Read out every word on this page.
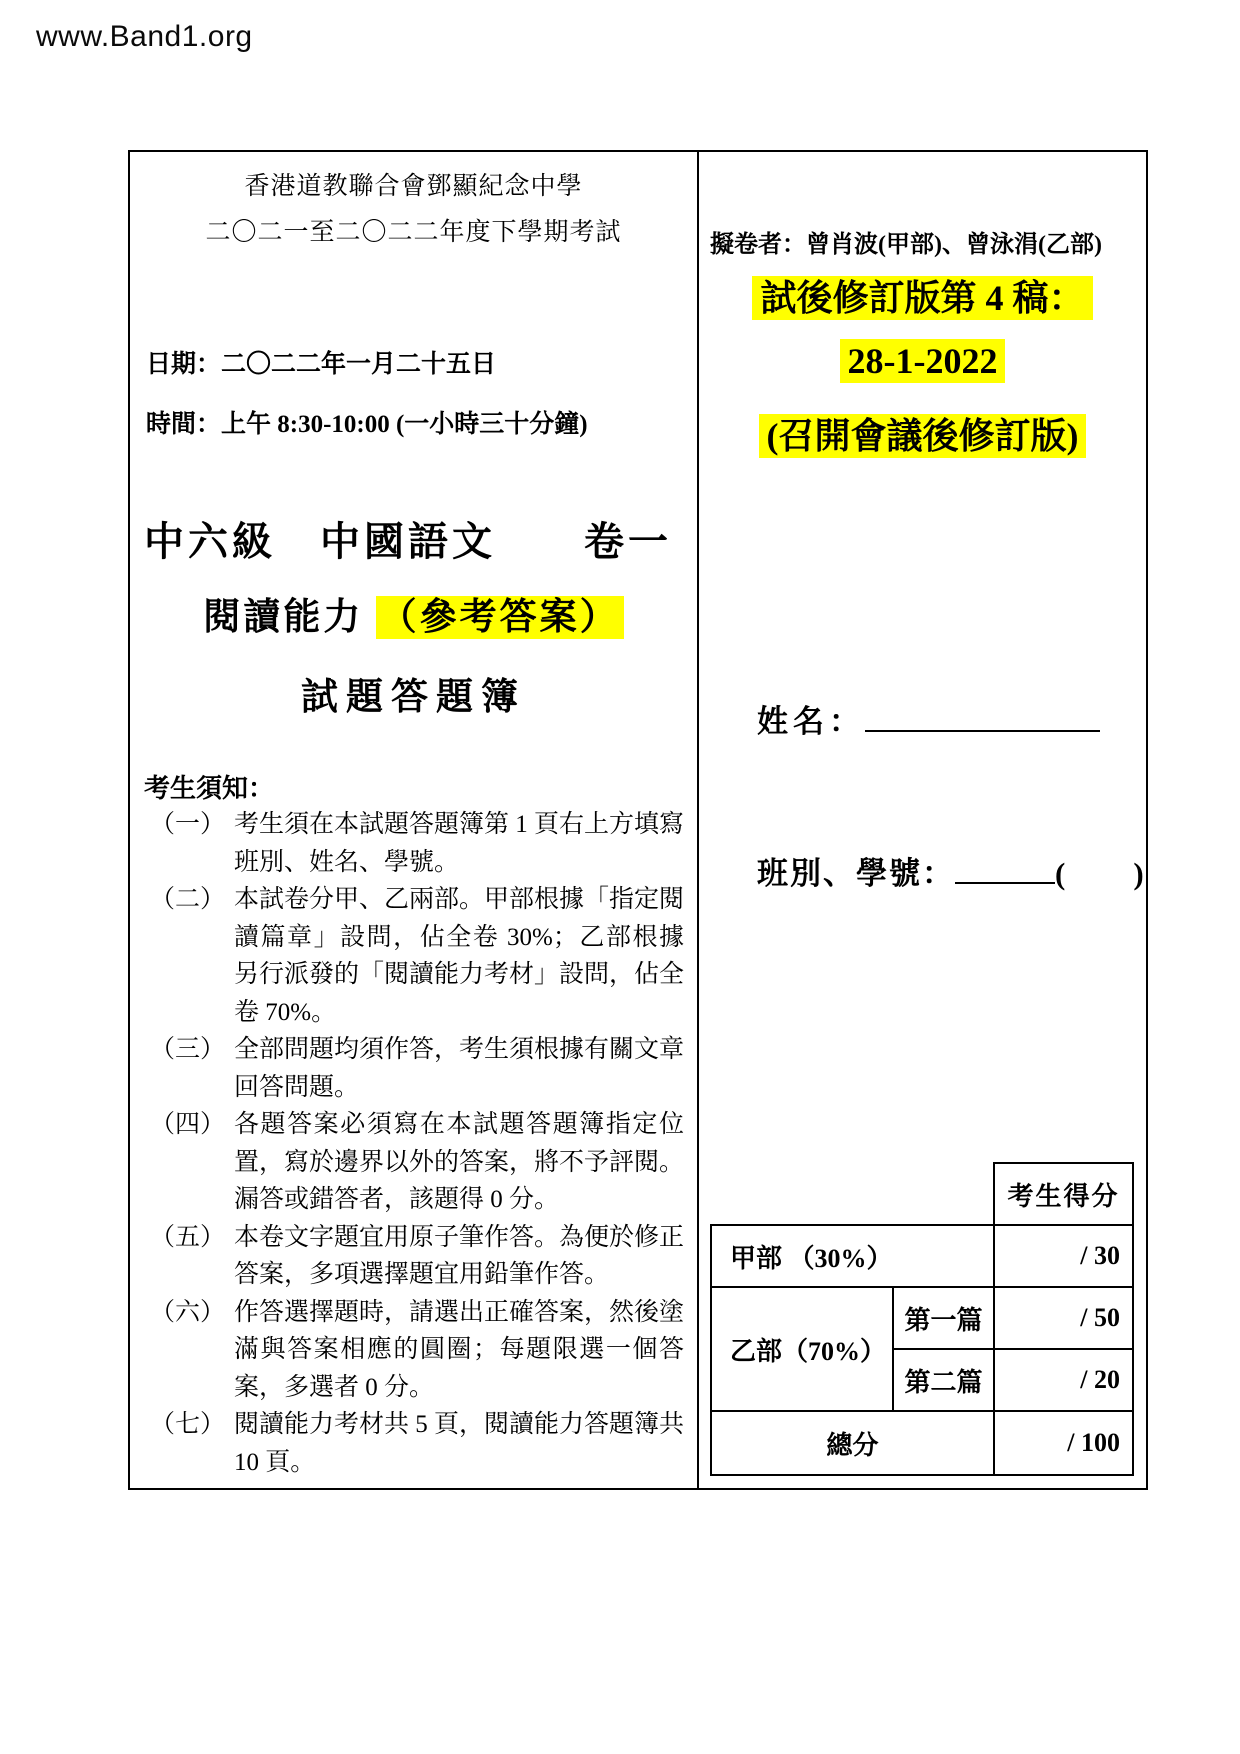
www.Band1.org
香港道教聯合會鄧顯紀念中學
二〇二一至二〇二二年度下學期考試
日期：二〇二二年一月二十五日
時間：上午 8:30-10:00 (一小時三十分鐘)
中六級　中國語文　　卷一
閱讀能力 （參考答案）
試題答題簿
考生須知：
（一） 考生須在本試題答題簿第 1 頁右上方填寫班別、姓名、學號。
（二） 本試卷分甲、乙兩部。甲部根據「指定閱讀篇章」設問，佔全卷 30%；乙部根據另行派發的「閱讀能力考材」設問，佔全卷 70%。
（三） 全部問題均須作答，考生須根據有關文章回答問題。
（四） 各題答案必須寫在本試題答題簿指定位置，寫於邊界以外的答案，將不予評閱。漏答或錯答者，該題得 0 分。
（五） 本卷文字題宜用原子筆作答。為便於修正答案，多項選擇題宜用鉛筆作答。
（六） 作答選擇題時，請選出正確答案，然後塗滿與答案相應的圓圈；每題限選一個答案，多選者 0 分。
（七） 閱讀能力考材共 5 頁，閱讀能力答題簿共 10 頁。
擬卷者：曾肖波(甲部)、曾泳涓(乙部)
試後修訂版第 4 稿：
28-1-2022
(召開會議後修訂版)
姓名：
班別、學號：	(　　)
考生得分
甲部 （30%）	/ 30
乙部（70%）
第一篇	/ 50
第二篇	/ 20
總分	/ 100
